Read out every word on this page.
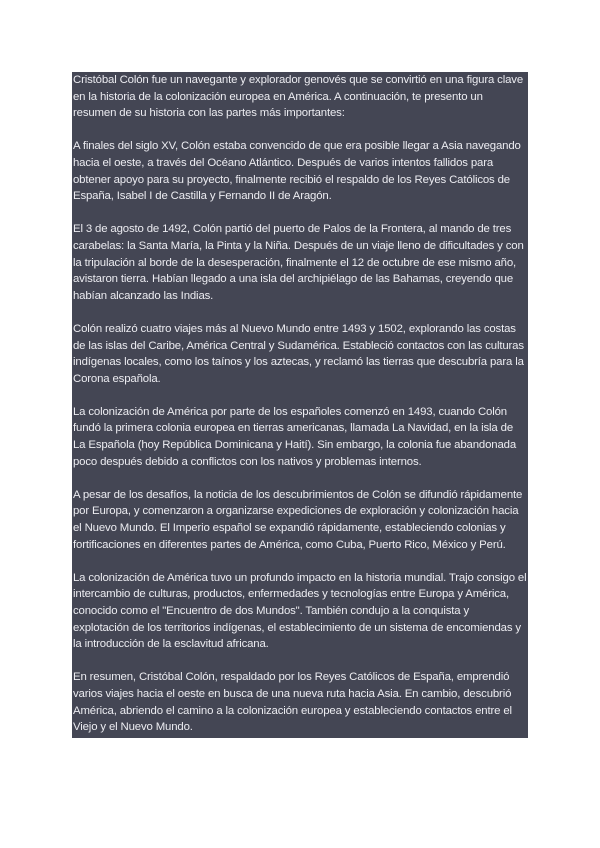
Cristóbal Colón fue un navegante y explorador genovés que se convirtió en una figura clave en la historia de la colonización europea en América. A continuación, te presento un resumen de su historia con las partes más importantes:

A finales del siglo XV, Colón estaba convencido de que era posible llegar a Asia navegando hacia el oeste, a través del Océano Atlántico. Después de varios intentos fallidos para obtener apoyo para su proyecto, finalmente recibió el respaldo de los Reyes Católicos de España, Isabel I de Castilla y Fernando II de Aragón.

El 3 de agosto de 1492, Colón partió del puerto de Palos de la Frontera, al mando de tres carabelas: la Santa María, la Pinta y la Niña. Después de un viaje lleno de dificultades y con la tripulación al borde de la desesperación, finalmente el 12 de octubre de ese mismo año, avistaron tierra. Habían llegado a una isla del archipiélago de las Bahamas, creyendo que habían alcanzado las Indias.

Colón realizó cuatro viajes más al Nuevo Mundo entre 1493 y 1502, explorando las costas de las islas del Caribe, América Central y Sudamérica. Estableció contactos con las culturas indígenas locales, como los taínos y los aztecas, y reclamó las tierras que descubría para la Corona española.

La colonización de América por parte de los españoles comenzó en 1493, cuando Colón fundó la primera colonia europea en tierras americanas, llamada La Navidad, en la isla de La Española (hoy República Dominicana y Haití). Sin embargo, la colonia fue abandonada poco después debido a conflictos con los nativos y problemas internos.

A pesar de los desafíos, la noticia de los descubrimientos de Colón se difundió rápidamente por Europa, y comenzaron a organizarse expediciones de exploración y colonización hacia el Nuevo Mundo. El Imperio español se expandió rápidamente, estableciendo colonias y fortificaciones en diferentes partes de América, como Cuba, Puerto Rico, México y Perú.

La colonización de América tuvo un profundo impacto en la historia mundial. Trajo consigo el intercambio de culturas, productos, enfermedades y tecnologías entre Europa y América, conocido como el "Encuentro de dos Mundos". También condujo a la conquista y explotación de los territorios indígenas, el establecimiento de un sistema de encomiendas y la introducción de la esclavitud africana.

En resumen, Cristóbal Colón, respaldado por los Reyes Católicos de España, emprendió varios viajes hacia el oeste en busca de una nueva ruta hacia Asia. En cambio, descubrió América, abriendo el camino a la colonización europea y estableciendo contactos entre el Viejo y el Nuevo Mundo.
